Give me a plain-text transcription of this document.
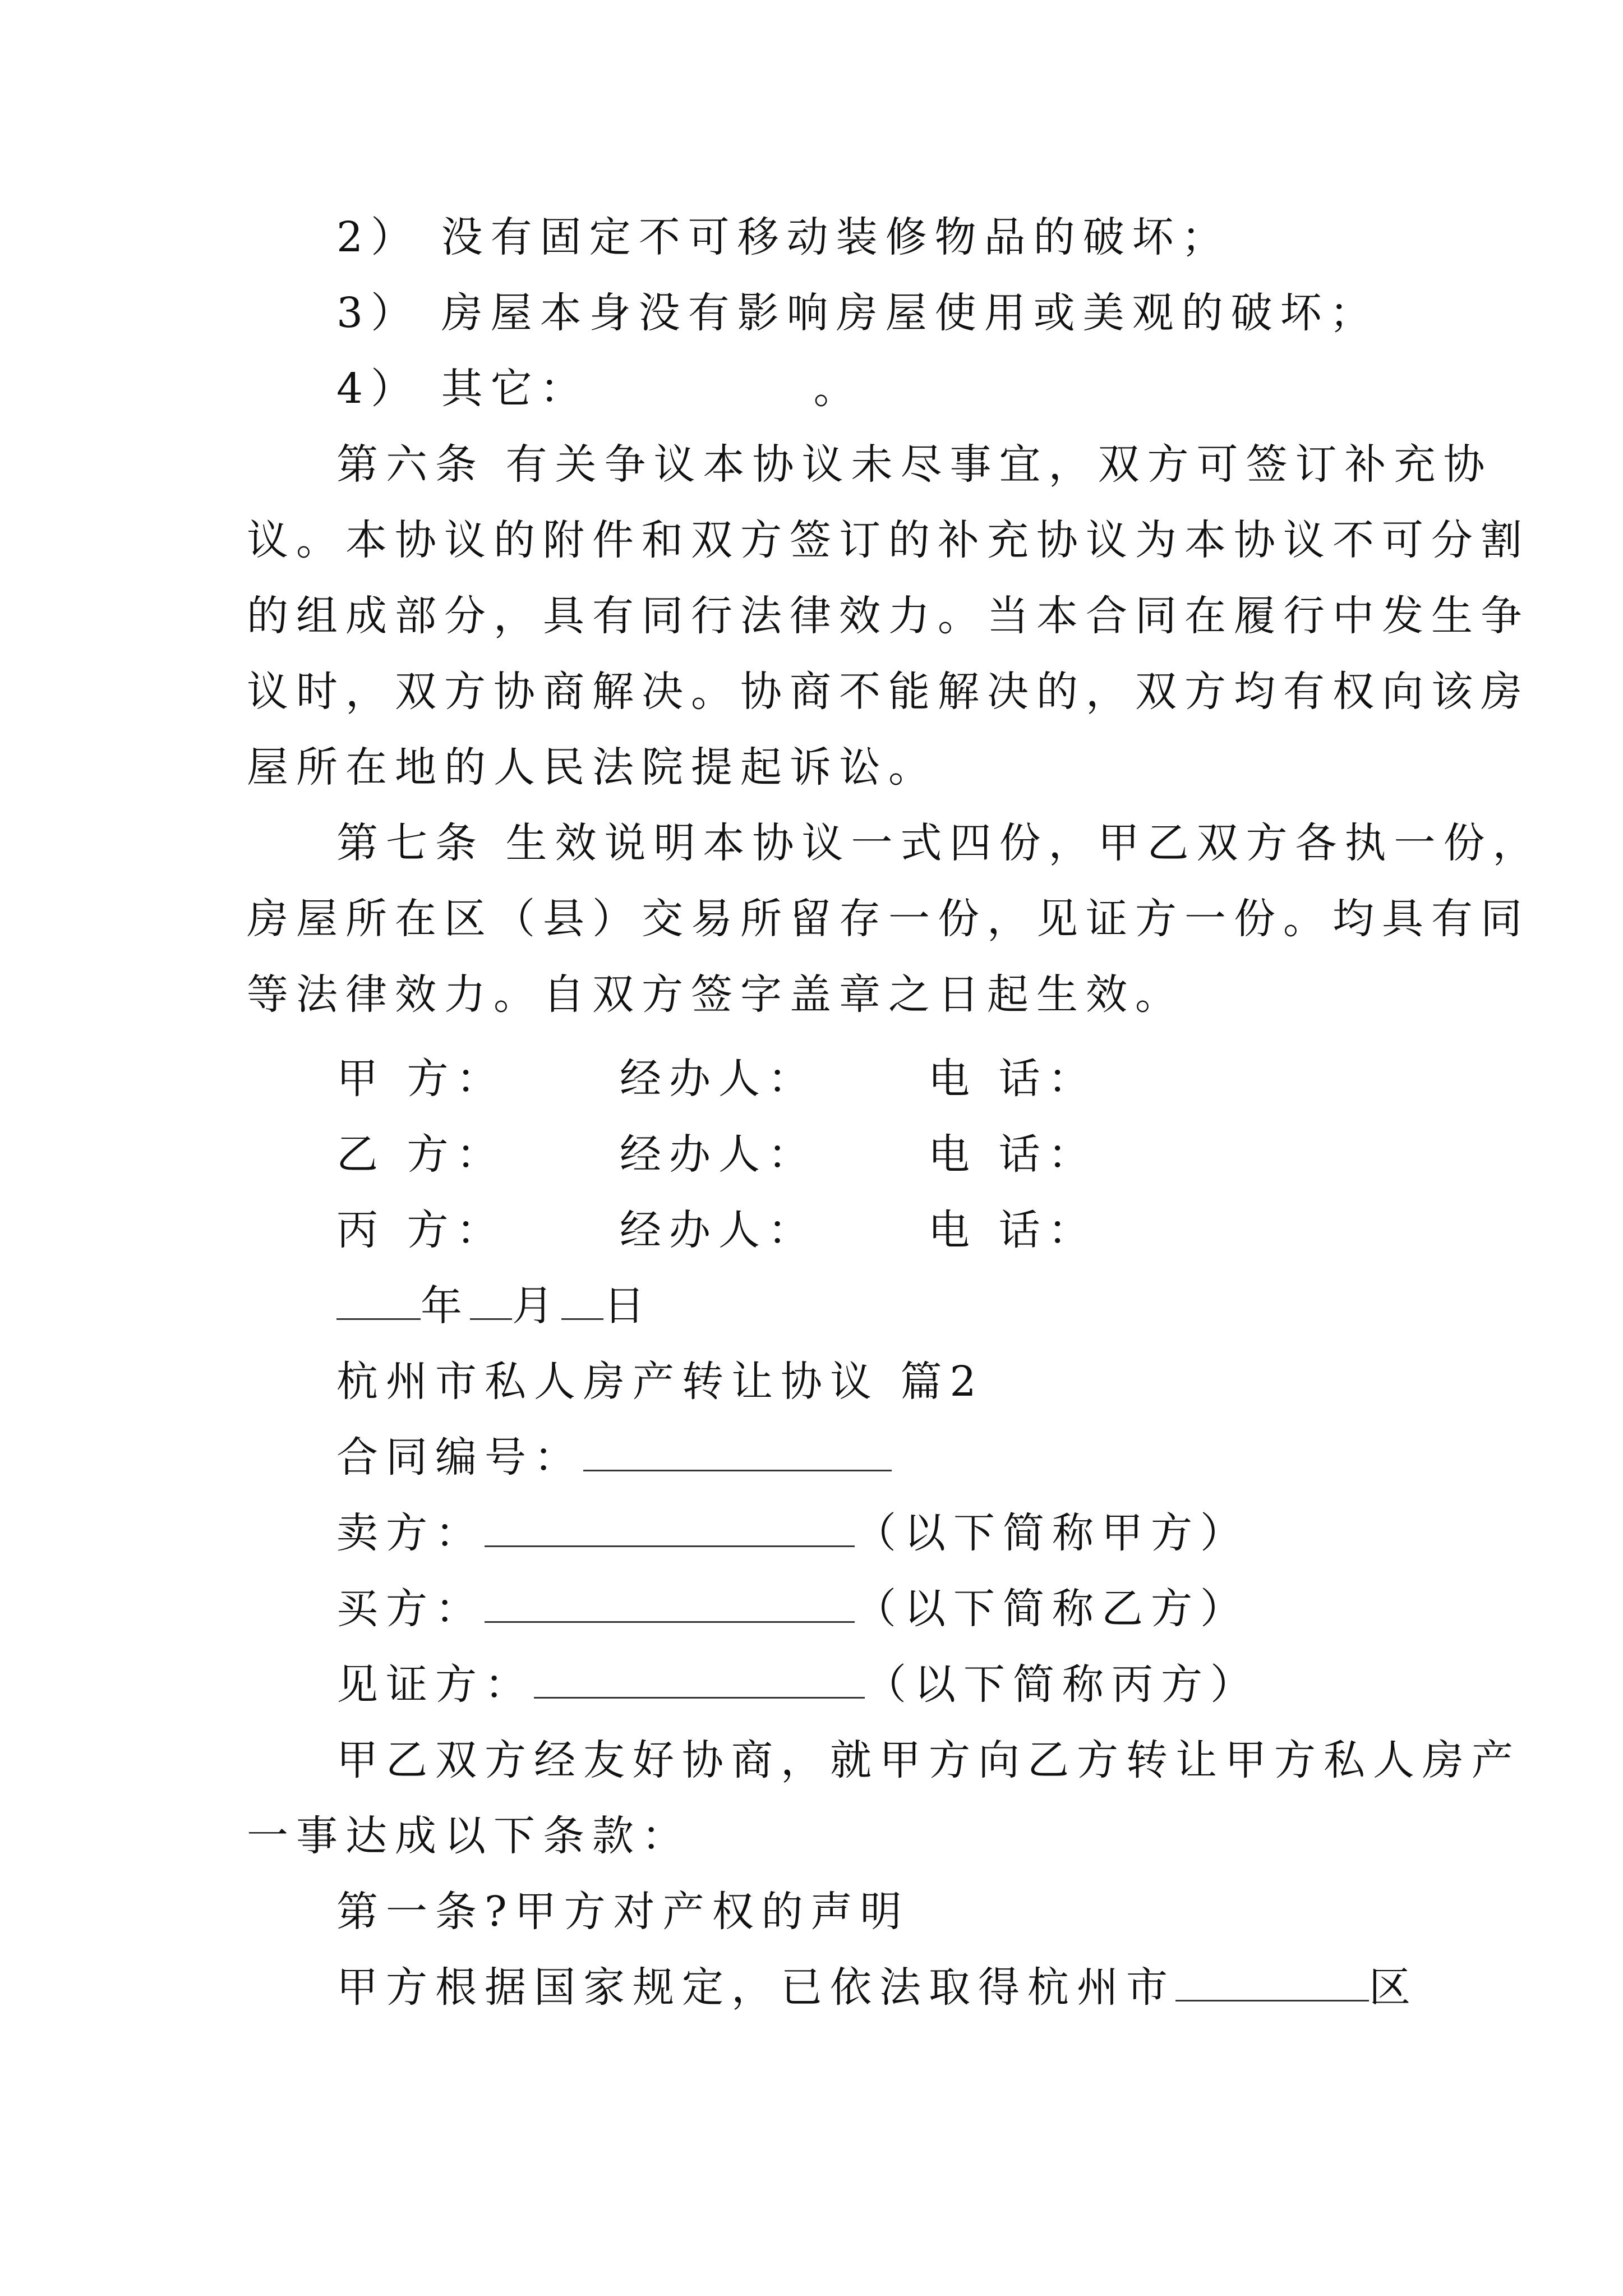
2） 没有固定不可移动装修物品的破坏；
3） 房屋本身没有影响房屋使用或美观的破坏；
4） 其它：	。
第六条 有关争议本协议未尽事宜，双方可签订补充协
议。本协议的附件和双方签订的补充协议为本协议不可分割
的组成部分，具有同行法律效力。当本合同在履行中发生争
议时，双方协商解决。协商不能解决的，双方均有权向该房
屋所在地的人民法院提起诉讼。
第七条 生效说明本协议一式四份，甲乙双方各执一份，
房屋所在区（县）交易所留存一份，见证方一份。均具有同
等法律效力。自双方签字盖章之日起生效。
甲 方：	经办人：	电 话：
乙 方：	经办人：	电 话：
丙 方：	经办人：	电 话：
年 月 日
杭州市私人房产转让协议 篇2
合同编号：
卖方：	（以下简称甲方）
买方：	（以下简称乙方）
见证方：	（以下简称丙方）
甲乙双方经友好协商，就甲方向乙方转让甲方私人房产
一事达成以下条款：
第一条?甲方对产权的声明
甲方根据国家规定，已依法取得杭州市	区
